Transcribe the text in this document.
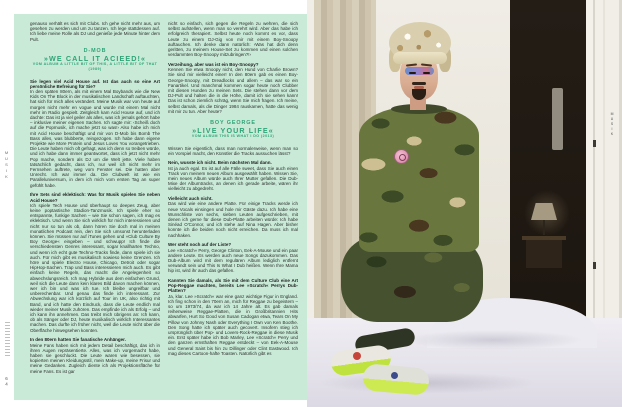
MUSIK
64

genauso verhält es sich mit Clubs. Ich gehe nicht mehr aus, um gesehen zu werden und um zu tanzen. Ich lege stattdessen auf. Ich liebe meine Rolle als DJ und genieße jede Minute hinter dem Pult.

D-MOB
»WE CALL IT ACIEED!«
VOM ALBUM A LITTLE BIT OF THIS, A LITTLE BIT OF THAT (1989)

Sie legen viel Acid House auf. Ist das auch so eine Art persönliche Befreiung für Sie?

In den späten 80ern, als mit einem Mal Boybands wie die New Kids On The Block in der musikalischen Landschaft auftauchten, hat sich für mich alles verändert. Meine Musik war von heute auf morgen nicht mehr en vogue und wurde mit einem Mal nicht mehr im Radio gespielt. Zeitgleich kam Acid House auf, und ich dachte: Das ist ja viel geiler als alles, was ich jemals gehört habe – inklusive meiner eigenen Sachen. Ich sagte mir: ‹Scheiß doch auf die Popmusik, ich mache jetzt so was!› Also habe ich mich mit Acid House beschäftigt und mir von D-Mob bis Bomb The Bass alles, was blubberte, reingezogen. Ich habe dann eigene Projekte wie More Protein und Jesus Loves You vorangetrieben. Die Leute haben mich oft gefragt, was ich denn so treiben würde, und ich habe dann immer geantwortet, dass ich jetzt nicht mehr Pop mache, sondern als DJ um die Welt jette. Viele haben tatsächlich gedacht, dass ich, nur weil ich nicht mehr im Fernsehen auftrete, weg vom Fenster sei. Die hatten aber Unrecht. Ich war immer da. Die Clubwelt ist wie ein Paralleluniversum, in dem ich mich vom ersten Tag an super gefühlt habe.

Ihre Sets sind eklektisch: Was für Musik spielen Sie neben Acid House?

Ich spiele Tech House und überhaupt so deepes Zeug, aber keine poptastische Stadion-Tanzmusik. Ich spiele eher so entspannte, funkige Sachen – wie Sie schon sagen, ich mag es eklektisch. Und wenn Sie sich wirklich für mich interessieren und nicht nur so tun als ob, dann hören Sie doch mal in meinen monatlichen Podcast rein, den Sie sich umsonst herunterladen können. Sie müssen nur auf iTunes gehen und »Club Culture By Boy George« eingeben – und schwupp! Ich finde die verschiedensten Genres interessant, sogar knallharten Techno, und wenn ich echt gute Techno-Tracks finde, dann spiele ich sie auch. Für mich gibt es musikalisch sowieso keine Grenzen. Ich höre und spiele Electro House, Chicago, Detroit oder sogar HipHop-Sachen. Trap und Bass interessieren mich auch. Es gibt einfach keine Regeln, das macht die Angelegenheit so abwechslungsreich. Ich mag Hybride aus dem einfachen Grund, weil sich die Leute dann kein klares Bild davon machen können, wer ich bin und was ich tue. Ich bleibe ungreifbar und unberechenbar. Und genau das finde ich interessant. Zur Abwechslung war ich kürzlich auf Tour im UK, also richtig mit Band, und ich hatte den Eindruck, dass die Leute endlich mal wieder meiner Musik zuhören. Das empfinde ich als Erfolg – und ich kann ihn annehmen. Das treibt mich übrigens an: Ich kann, ob als Sänger oder DJ, heute musikalisch wirklich Interessantes machen. Das durfte ich früher nicht, weil die Leute nicht über die Oberfläche hinwegsehen konnten.

In den 80ern hatten Sie fanatische Anhänger.

Meine Fans haben sich mit jedem Detail beschäftigt, das ich in ihren Augen repräsentierte. Alles, was ich vorgemacht habe, haben sie geschluckt. Die Leute waren wie besessen, sie kopierten meinen Kleidungsstil, mein Make-up, meine Frisur und meine Gedanken. Zugleich diente ich als Projektionsfläche für meine Fans. Es ist gar

nicht so einfach, sich gegen die Regeln zu wehren, die sich selbst aufstellen, wenn man so verehrt wird. Aber das habe ich erfolgreich therapiert. Selbst heute noch kommt es vor, dass Leute zu einem DJ-Gig von mir mit einem Boy-Snoopy auftauchen. Ich denke dann natürlich: ‹Was hat dich denn geritten, zu meinem House-Set zu kommen und einen solchen verdammten Boy-Snoopy mitzubringen?!›

Verzeihung, aber was ist ein Boy-Snoopy?

Kennen Sie etwa Snoopy nicht, den Hund von Charlie Brown? Sie sind mir vielleicht einer! In den 80ern gab es einen Boy-George-Snoopy, mit Dreadlocks und allem – das war so ein Fanartikel. Und manchmal kommen sogar heute noch Clubber mit diesen Hunden zu meinen Sets. Die stehen dann vor dem DJ-Pult und halten die in die Höhe, damit ich sie sehen kann! Das ist schon ziemlich schräg, wenn Sie mich fragen. Ich meine, selbst damals, als die Dinger 1984 rauskamen, hatte das wenig mit mir zu tun. Aber heute?

BOY GEORGE
»LIVE YOUR LIFE«
VOM ALBUM THIS IS WHAT I DO (2013)

Wissen Sie eigentlich, dass man normalerweise, wenn man so ein Vorspiel macht, den Künstler die Tracks aussuchen lässt?

Nein, wusste ich nicht. Beim nächsten Mal dann.

Ist ja auch egal. Es ist auf alle Fälle sweet, dass Sie auch einen Track von meinem neuen Album ausgewählt haben. Wissen Sie, mein neues Album würde auch Ihrer Mutter gefallen. Die Dub-Mixe der Albumtracks, an denen ich gerade arbeite, wären ihr vielleicht zu abgedreht.

Vielleicht auch nicht.

Das wird wie eine andere Platte. Für einige Tracks werde ich neue Vocals einsingen und hole mir Gäste dazu. Ich habe eine Wunschliste von sechs, sieben Leuten aufgeschrieben, mit denen ich gerne für diese Dub-Platte arbeiten würde: Ich habe Sinéad O'Connor, und ich stehe auf Nina Hagen. Aber bisher konnte ich die beiden noch nicht erreichen. Da muss ich mal nachhaken.

Wer steht noch auf der Liste?

Lee »Scratch« Perry, George Clinton, Eek-A-Mouse und ein paar andere Leute. Es werden auch neue Songs dazukommen. Das Dub-Album wird mit dem regulären Album lediglich entfernt verwandt sein und This Is What I Dub heißen. Wenn Ihre Mama hip ist, wird ihr auch das gefallen.

Kannten Sie damals, als Sie mit dem Culture Club eine Art Pop-Reggae machten, bereits Lee »Scratch« Perrys Dub-Platten?

Ja, klar. Lee »Scratch« war eine ganz wichtige Figur in England. Ich fing schon in den 70ern an, mich für Reggae zu begeistern – so um 1973/74, da war ich 14 Jahre alt. Es gab damals reihenweise Reggae-Platten, die in Großbritannien Hits abwarfen, Hurt So Good von Susan Cadogan etwa, Tears On My Pillow von Johnny Nash oder Everything I Own von Ken Boothe. Den Song hatte ich später auch gecovert. Insofern stieg ich ursprünglich über Pop- und Lovers-Rock-Reggae in diese Musik ein. Erst später habe ich Bob Marley, Lee »Scratch« Perry und den ganzen ernsthaften Reggae entdeckt – von Eek-A-Mouse und General Saint bis hin zu Dillinger oder Clint Eastwood. Ich mag dieses Cartoon-hafte Toasten. Natürlich gibt es

MUSIK
